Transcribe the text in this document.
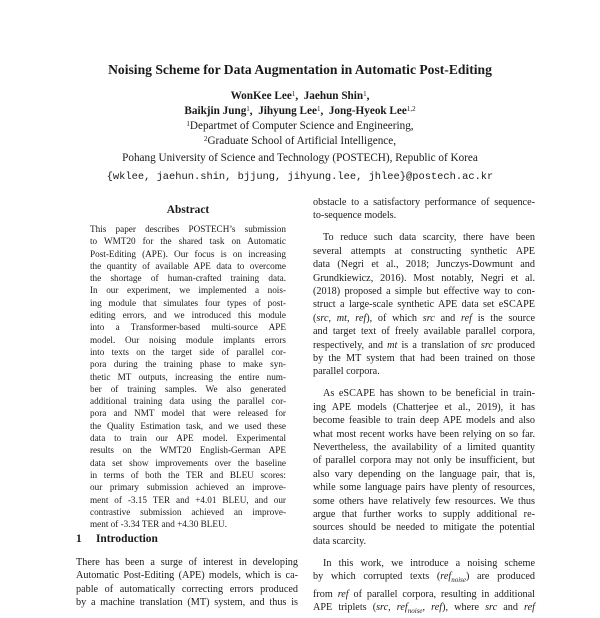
Noising Scheme for Data Augmentation in Automatic Post-Editing
WonKee Lee$^1$,  Jaehun Shin$^1$,
Baikjin Jung$^1$,  Jihyung Lee$^1$,  Jong-Hyeok Lee$^{1,2}$
$^1$Departmet of Computer Science and Engineering,
$^2$Graduate School of Artificial Intelligence,
Pohang University of Science and Technology (POSTECH), Republic of Korea
{wklee, jaehun.shin, bjjung, jihyung.lee, jhlee}@postech.ac.kr
Abstract
This paper describes POSTECH’s submission
to WMT20 for the shared task on Automatic
Post-Editing (APE). Our focus is on increasing
the quantity of available APE data to overcome
the shortage of human-crafted training data.
In our experiment, we implemented a nois-
ing module that simulates four types of post-
editing errors, and we introduced this module
into a Transformer-based multi-source APE
model. Our noising module implants errors
into texts on the target side of parallel cor-
pora during the training phase to make syn-
thetic MT outputs, increasing the entire num-
ber of training samples. We also generated
additional training data using the parallel cor-
pora and NMT model that were released for
the Quality Estimation task, and we used these
data to train our APE model. Experimental
results on the WMT20 English-German APE
data set show improvements over the baseline
in terms of both the TER and BLEU scores:
our primary submission achieved an improve-
ment of -3.15 TER and +4.01 BLEU, and our
contrastive submission achieved an improve-
ment of -3.34 TER and +4.30 BLEU.
1 Introduction
There has been a surge of interest in developing
Automatic Post-Editing (APE) models, which is ca-
pable of automatically correcting errors produced
by a machine translation (MT) system, and thus is
obstacle to a satisfactory performance of sequence-
to-sequence models.
To reduce such data scarcity, there have been
several attempts at constructing synthetic APE
data (Negri et al., 2018; Junczys-Dowmunt and
Grundkiewicz, 2016). Most notably, Negri et al.
(2018) proposed a simple but effective way to con-
struct a large-scale synthetic APE data set eSCAPE
(src, mt, ref), of which src and ref is the source
and target text of freely available parallel corpora,
respectively, and mt is a translation of src produced
by the MT system that had been trained on those
parallel corpora.
As eSCAPE has shown to be beneficial in train-
ing APE models (Chatterjee et al., 2019), it has
become feasible to train deep APE models and also
what most recent works have been relying on so far.
Nevertheless, the availability of a limited quantity
of parallel corpora may not only be insufficient, but
also vary depending on the language pair, that is,
while some language pairs have plenty of resources,
some others have relatively few resources. We thus
argue that further works to supply additional re-
sources should be needed to mitigate the potential
data scarcity.
In this work, we introduce a noising scheme
by which corrupted texts (ref$_{noise}$) are produced
from ref of parallel corpora, resulting in additional
APE triplets (src, ref$_{noise}$, ref), where src and ref
